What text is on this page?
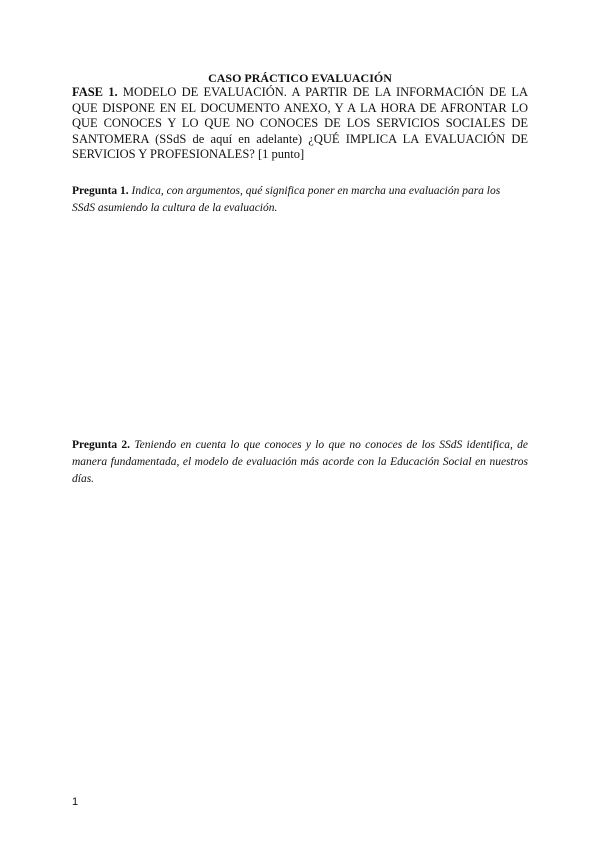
CASO PRÁCTICO EVALUACIÓN

FASE 1. MODELO DE EVALUACIÓN. A PARTIR DE LA INFORMACIÓN DE LA QUE DISPONE EN EL DOCUMENTO ANEXO, Y A LA HORA DE AFRONTAR LO QUE CONOCES Y LO QUE NO CONOCES DE LOS SERVICIOS SOCIALES DE SANTOMERA (SSdS de aquí en adelante) ¿QUÉ IMPLICA LA EVALUACIÓN DE SERVICIOS Y PROFESIONALES? [1 punto]

Pregunta 1. Indica, con argumentos, qué significa poner en marcha una evaluación para los SSdS asumiendo la cultura de la evaluación.

Pregunta 2. Teniendo en cuenta lo que conoces y lo que no conoces de los SSdS identifica, de manera fundamentada, el modelo de evaluación más acorde con la Educación Social en nuestros días.

1
